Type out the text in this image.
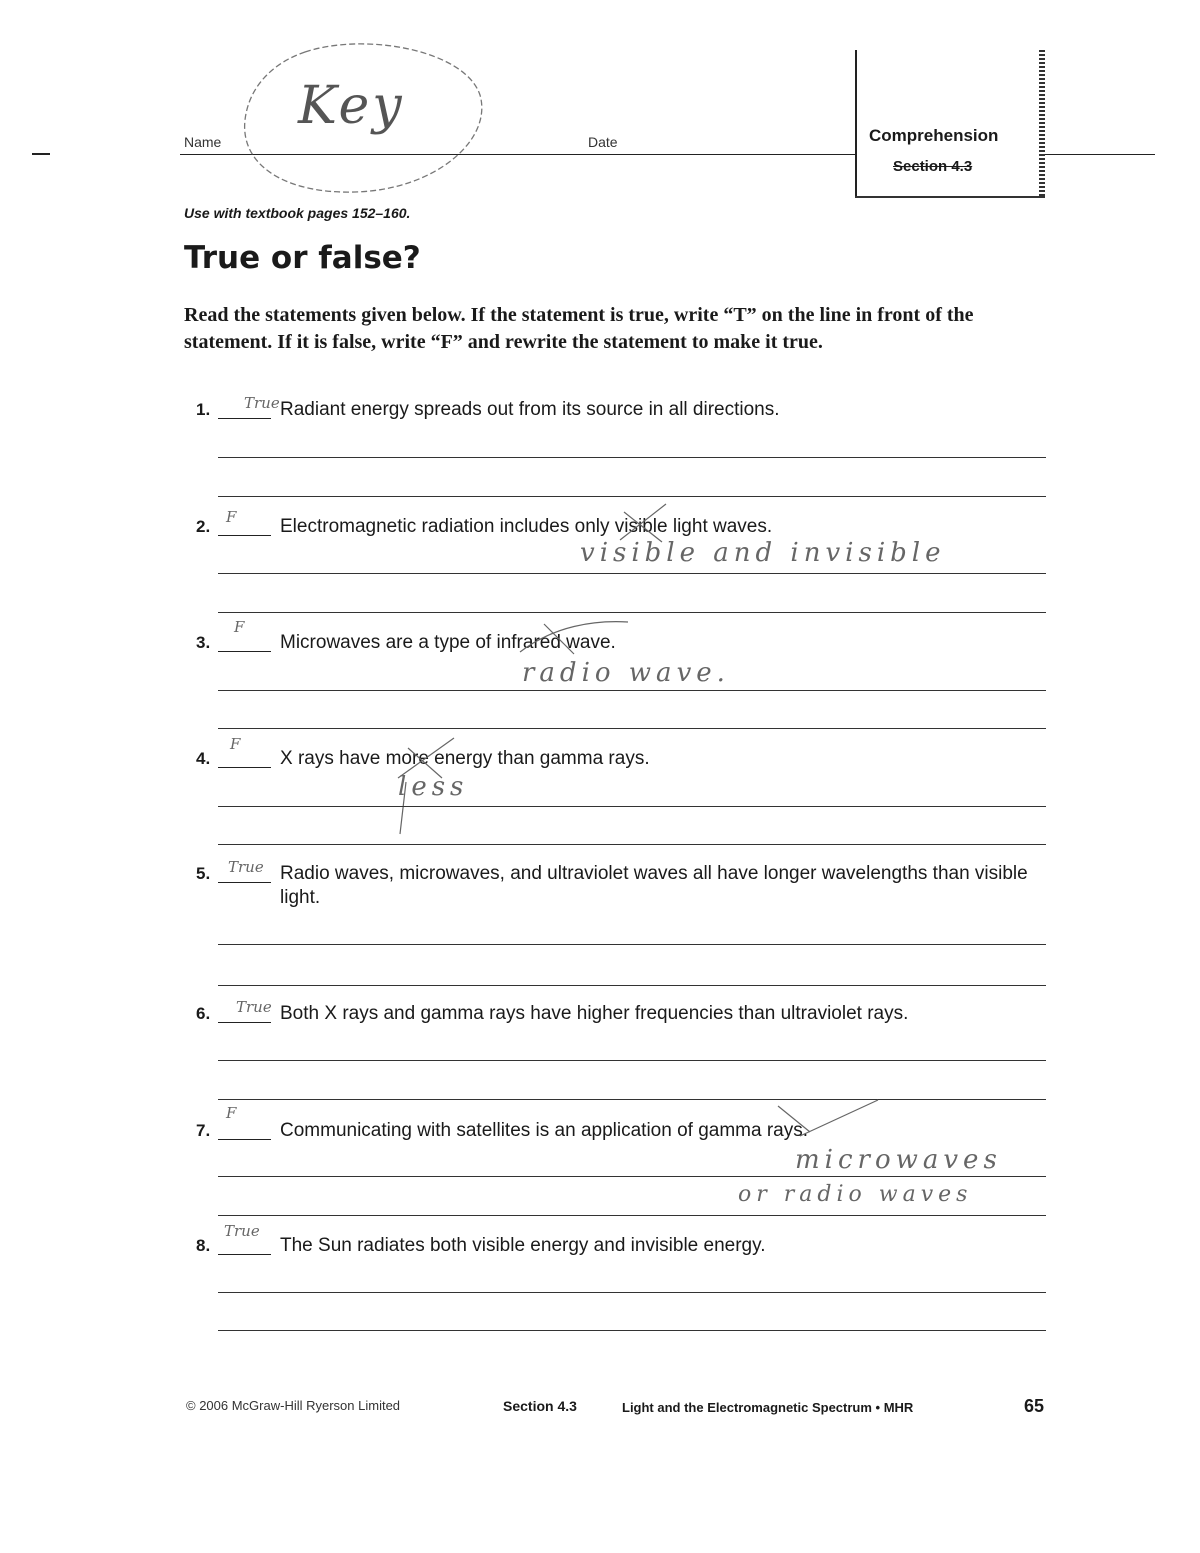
Name	Date
Key	Comprehension
Section 4.3
Use with textbook pages 152–160.
True or false?

Read the statements given below. If the statement is true, write “T” on the line in front of the statement. If it is false, write “F” and rewrite the statement to make it true.

1. True Radiant energy spreads out from its source in all directions.
2. F Electromagnetic radiation includes only visible light waves.
visible and invisible
3.
F
Microwaves are a type of infrared wave.
radio wave.
4.
F
X rays have more energy than gamma rays.
less
5. True Radio waves, microwaves, and ultraviolet waves all have longer wavelengths than visible light.
6. True Both X rays and gamma rays have higher frequencies than ultraviolet rays.
7.
F
Communicating with satellites is an application of gamma rays.
microwaves
or radio waves
8.
True
The Sun radiates both visible energy and invisible energy.
© 2006 McGraw-Hill Ryerson Limited	Section 4.3	Light and the Electromagnetic Spectrum • MHR	65
